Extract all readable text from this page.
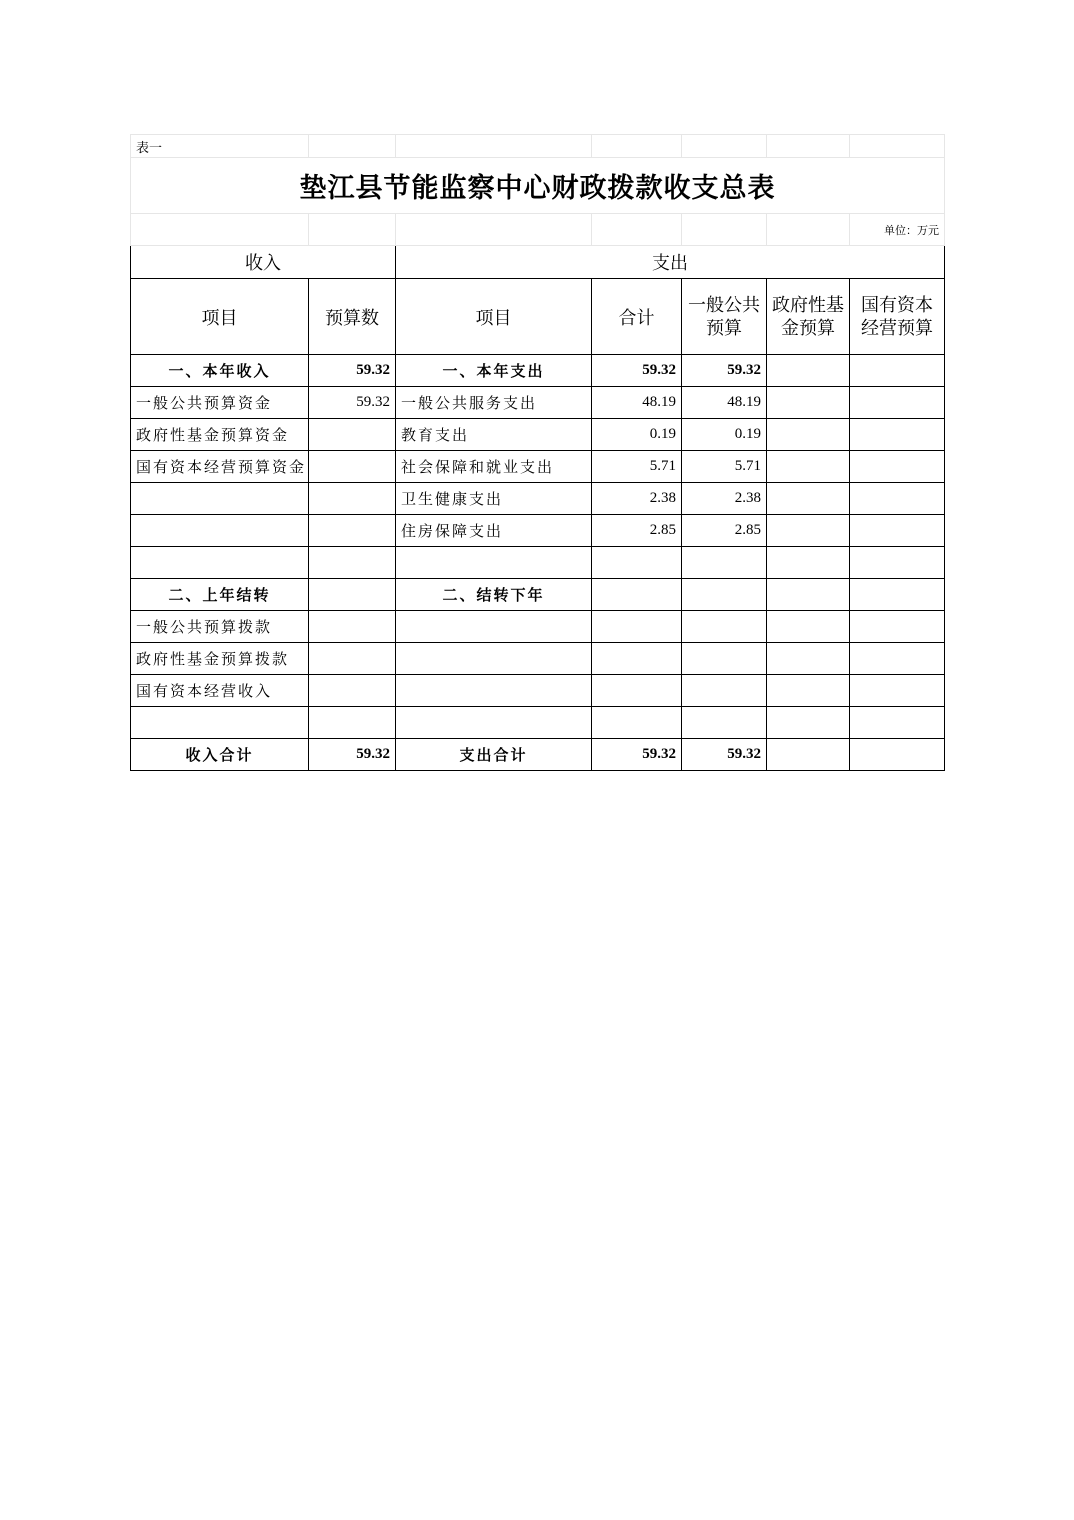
表一						
垫江县节能监察中心财政拨款收支总表						
						单位：万元
收入		支出				
项目	预算数	项目	合计	一般公共预算	政府性基金预算	国有资本经营预算
一、本年收入	59.32	一、本年支出	59.32	59.32		
一般公共预算资金	59.32	一般公共服务支出	48.19	48.19		
政府性基金预算资金		教育支出	0.19	0.19		
国有资本经营预算资金		社会保障和就业支出	5.71	5.71		
		卫生健康支出	2.38	2.38		
		住房保障支出	2.85	2.85		

二、上年结转		二、结转下年				
一般公共预算拨款						
政府性基金预算拨款						
国有资本经营收入						

收入合计	59.32	支出合计	59.32	59.32		
